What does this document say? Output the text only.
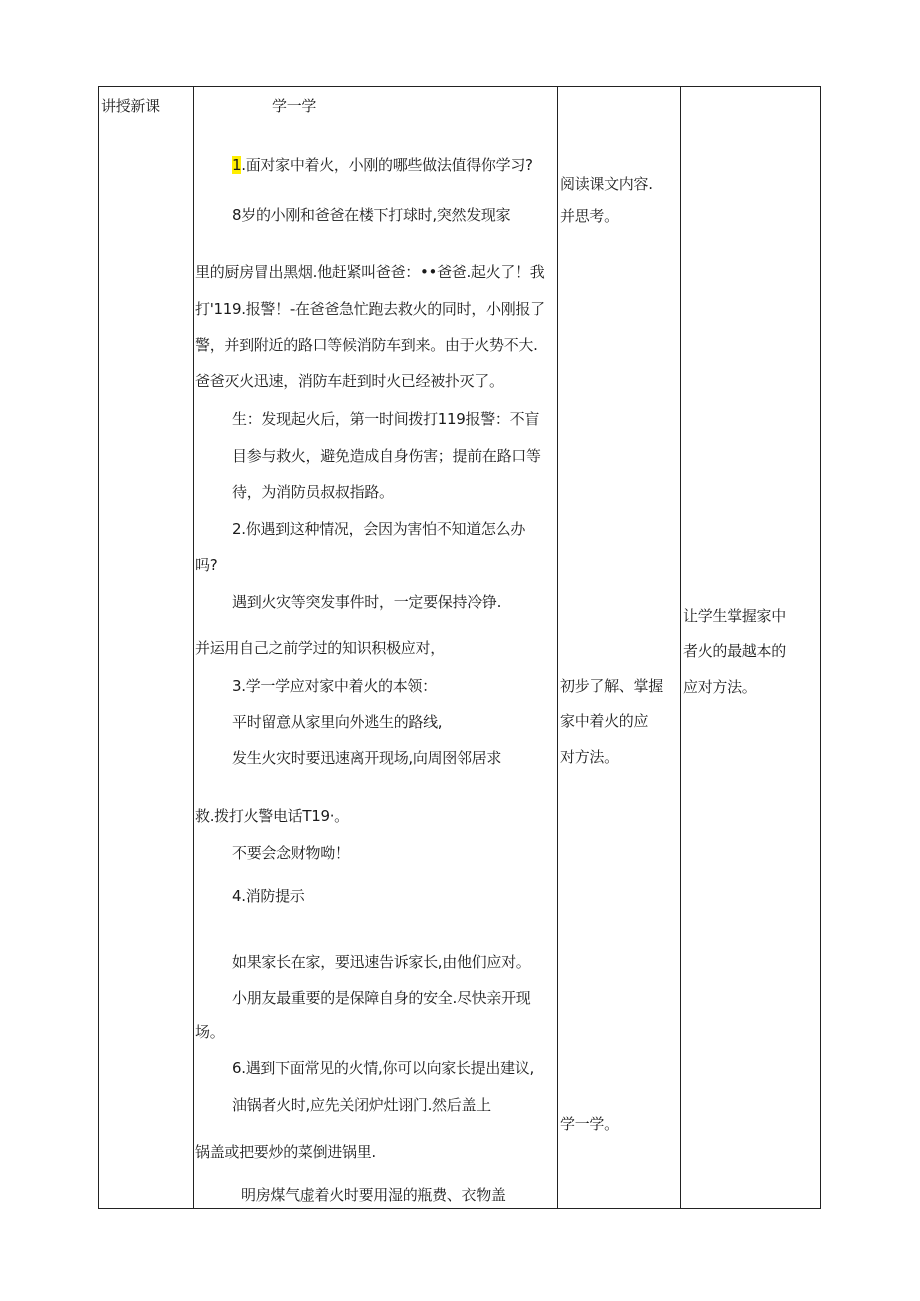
讲授新课	学一学
1.面对家中着火，小刚的哪些做法值得你学习?
8岁的小刚和爸爸在楼下打球时,突然发现家
里的厨房冒出黑烟.他赶紧叫爸爸：••爸爸.起火了！我
打'119.报警！-在爸爸急忙跑去救火的同时，小刚报了
警，并到附近的路口等候消防车到来。由于火势不大.
爸爸灭火迅速，消防车赶到时火已经被扑灭了。
生：发现起火后，第一时间拨打119报警：不盲
目参与救火，避免造成自身伤害；提前在路口等
待，为消防员叔叔指路。
2.你遇到这种情况，会因为害怕不知道怎么办
吗?
遇到火灾等突发事件时，一定要保持冷铮.
并运用自己之前学过的知识积极应对，
3.学一学应对家中着火的本领：
平时留意从家里向外逃生的路线,
发生火灾时要迅速离开现场,向周囹邻居求
救.拨打火警电话T19·。
不要会念财物呦！
4.消防提示
如果家长在家，要迅速告诉家长,由他们应对。
小朋友最重要的是保障自身的安全.尽快亲开现
场。
6.遇到下面常见的火情,你可以向家长提出建议,
油锅者火时,应先关闭炉灶诩门.然后盖上
锅盖或把要炒的菜倒进锅里.
明房煤气虚着火时要用湿的瓶费、衣物盖
阅读课文内容.
并思考。
初步了解、掌握
家中着火的应
对方法。
学一学。
让学生掌握家中
者火的最越本的
应对方法。
